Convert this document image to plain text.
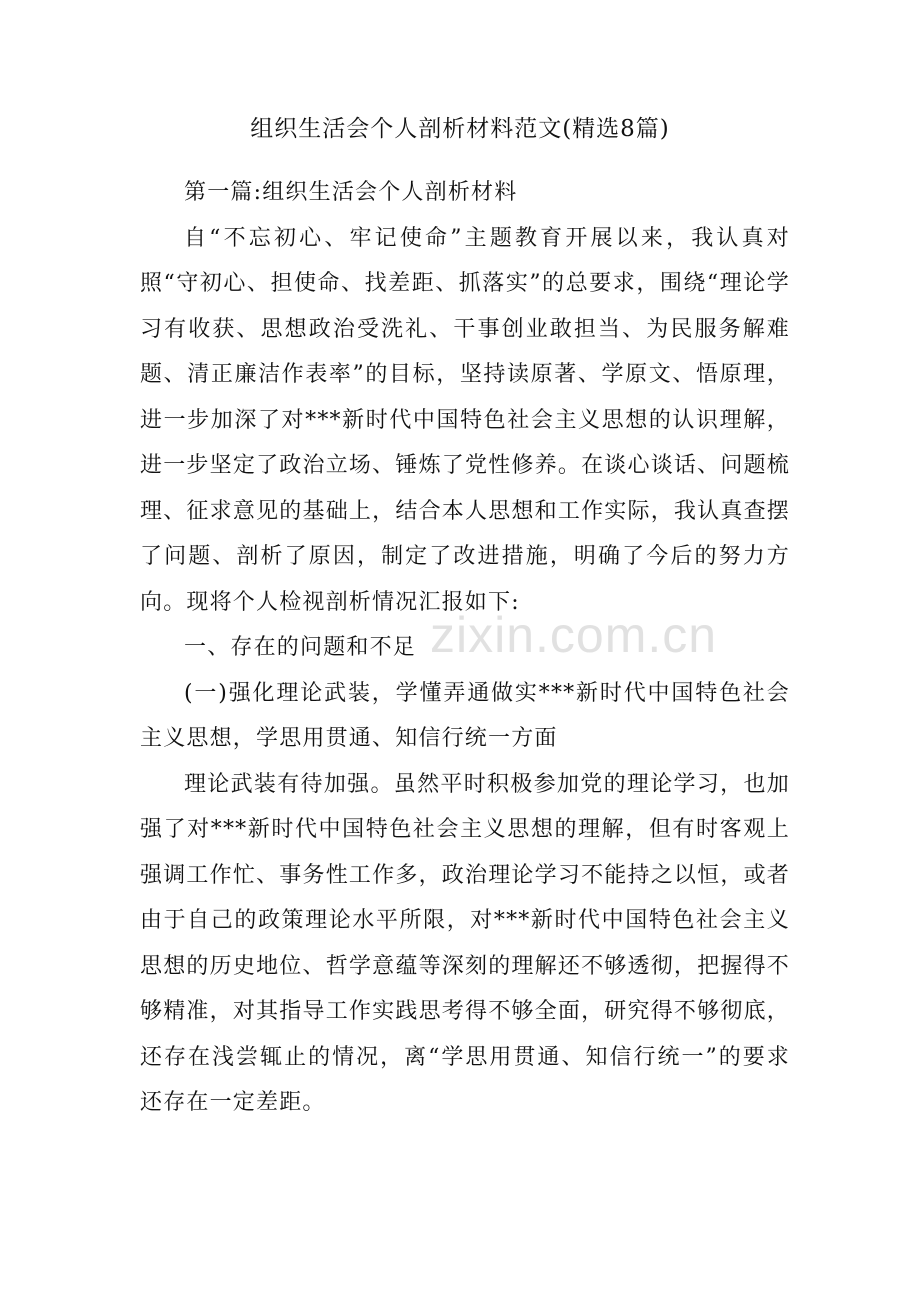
组织生活会个人剖析材料范文(精选8篇)

第一篇:组织生活会个人剖析材料

自“不忘初心、牢记使命”主题教育开展以来，我认真对照“守初心、担使命、找差距、抓落实”的总要求，围绕“理论学习有收获、思想政治受洗礼、干事创业敢担当、为民服务解难题、清正廉洁作表率”的目标，坚持读原著、学原文、悟原理，进一步加深了对***新时代中国特色社会主义思想的认识理解，进一步坚定了政治立场、锤炼了党性修养。在谈心谈话、问题梳理、征求意见的基础上，结合本人思想和工作实际，我认真查摆了问题、剖析了原因，制定了改进措施，明确了今后的努力方向。现将个人检视剖析情况汇报如下:

一、存在的问题和不足

(一)强化理论武装，学懂弄通做实***新时代中国特色社会主义思想，学思用贯通、知信行统一方面

理论武装有待加强。虽然平时积极参加党的理论学习，也加强了对***新时代中国特色社会主义思想的理解，但有时客观上强调工作忙、事务性工作多，政治理论学习不能持之以恒，或者由于自己的政策理论水平所限，对***新时代中国特色社会主义思想的历史地位、哲学意蕴等深刻的理解还不够透彻，把握得不够精准，对其指导工作实践思考得不够全面，研究得不够彻底，还存在浅尝辄止的情况，离“学思用贯通、知信行统一”的要求还存在一定差距。

zixin.com.cn
